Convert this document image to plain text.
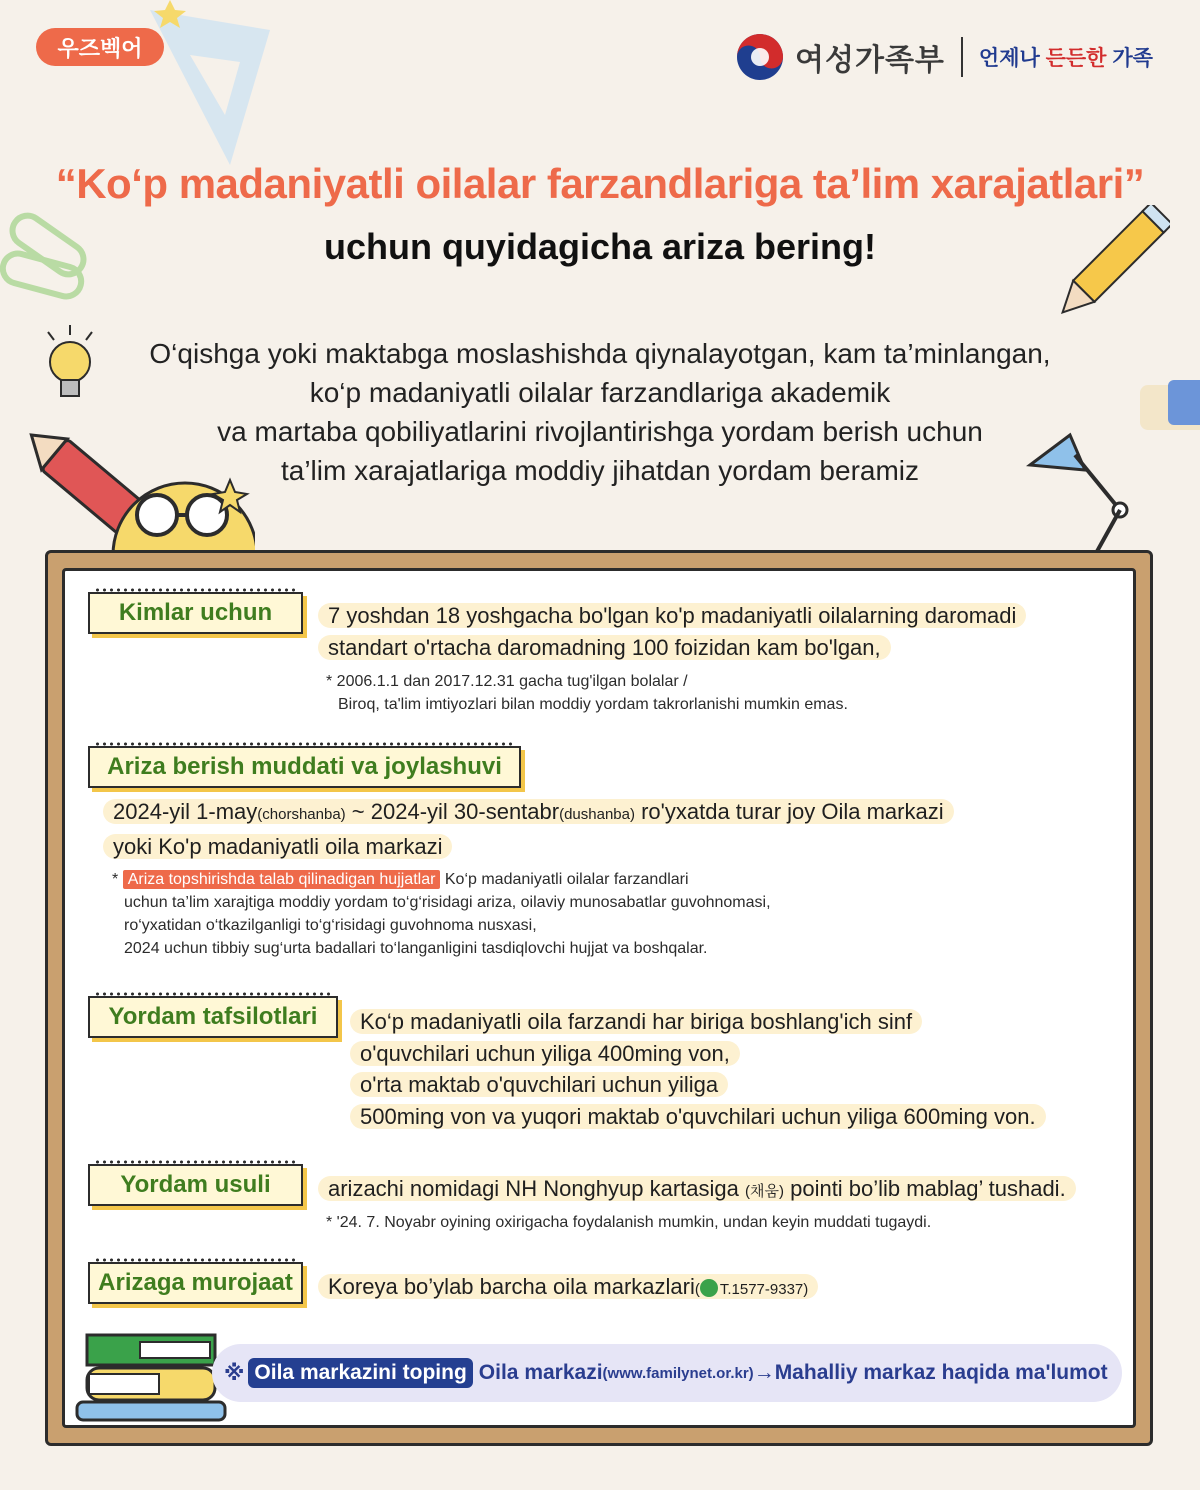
우즈벡어	여성가족부 언제나 든든한 가족
“Ko‘p madaniyatli oilalar farzandlariga ta’lim xarajatlari”
uchun quyidagicha ariza bering!
O‘qishga yoki maktabga moslashishda qiynalayotgan, kam ta’minlangan,
ko‘p madaniyatli oilalar farzandlariga akademik
va martaba qobiliyatlarini rivojlantirishga yordam berish uchun
ta’lim xarajatlariga moddiy jihatdan yordam beramiz
Kimlar uchun	7 yoshdan 18 yoshgacha bo'lgan ko'p madaniyatli oilalarning daromadi
standart o'rtacha daromadning 100 foizidan kam bo'lgan,
* 2006.1.1 dan 2017.12.31 gacha tug'ilgan bolalar /
Biroq, ta'lim imtiyozlari bilan moddiy yordam takrorlanishi mumkin emas.
Ariza berish muddati va joylashuvi
2024-yil 1-may(chorshanba) ~ 2024-yil 30-sentabr(dushanba) ro'yxatda turar joy Oila markazi
yoki Ko'p madaniyatli oila markazi
* Ariza topshirishda talab qilinadigan hujjatlar Ko‘p madaniyatli oilalar farzandlari
uchun ta’lim xarajtiga moddiy yordam to‘g‘risidagi ariza, oilaviy munosabatlar guvohnomasi,
ro‘yxatidan o‘tkazilganligi to‘g‘risidagi guvohnoma nusxasi,
2024 uchun tibbiy sug‘urta badallari to‘langanligini tasdiqlovchi hujjat va boshqalar.
Yordam tafsilotlari	Ko‘p madaniyatli oila farzandi har biriga boshlang'ich sinf
o'quvchilari uchun yiliga 400ming von,
o'rta maktab o'quvchilari uchun yiliga
500ming von va yuqori maktab o'quvchilari uchun yiliga 600ming von.
Yordam usuli	arizachi nomidagi NH Nonghyup kartasiga (채움) pointi bo’lib mablag’ tushadi.
* '24. 7. Noyabr oyining oxirigacha foydalanish mumkin, undan keyin muddati tugaydi.
Arizaga murojaat	Koreya bo’ylab barcha oila markazlari( T.1577-9337)
※ Oila markazini toping Oila markazi (www.familynet.or.kr) → Mahalliy markaz haqida ma'lumot
